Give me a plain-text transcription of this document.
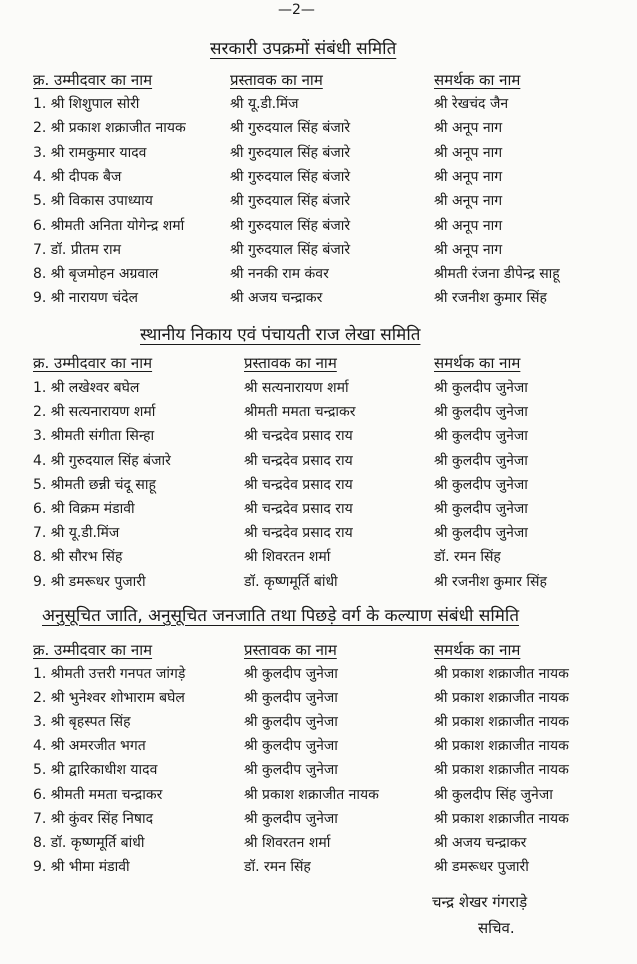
—2—
सरकारी उपक्रमों संबंधी समिति
क्र. उम्मीदवार का नाम	प्रस्तावक का नाम	समर्थक का नाम
1. श्री शिशुपाल सोरी	श्री यू.डी.मिंज	श्री रेखचंद जैन
2. श्री प्रकाश शक्राजीत नायक	श्री गुरुदयाल सिंह बंजारे	श्री अनूप नाग
3. श्री रामकुमार यादव	श्री गुरुदयाल सिंह बंजारे	श्री अनूप नाग
4. श्री दीपक बैज	श्री गुरुदयाल सिंह बंजारे	श्री अनूप नाग
5. श्री विकास उपाध्याय	श्री गुरुदयाल सिंह बंजारे	श्री अनूप नाग
6. श्रीमती अनिता योगेन्द्र शर्मा	श्री गुरुदयाल सिंह बंजारे	श्री अनूप नाग
7. डॉ. प्रीतम राम	श्री गुरुदयाल सिंह बंजारे	श्री अनूप नाग
8. श्री बृजमोहन अग्रवाल	श्री ननकी राम कंवर	श्रीमती रंजना डीपेन्द्र साहू
9. श्री नारायण चंदेल	श्री अजय चन्द्राकर	श्री रजनीश कुमार सिंह
स्थानीय निकाय एवं पंचायती राज लेखा समिति
क्र. उम्मीदवार का नाम	प्रस्तावक का नाम	समर्थक का नाम
1. श्री लखेश्वर बघेल	श्री सत्यनारायण शर्मा	श्री कुलदीप जुनेजा
2. श्री सत्यनारायण शर्मा	श्रीमती ममता चन्द्राकर	श्री कुलदीप जुनेजा
3. श्रीमती संगीता सिन्हा	श्री चन्द्रदेव प्रसाद राय	श्री कुलदीप जुनेजा
4. श्री गुरुदयाल सिंह बंजारे	श्री चन्द्रदेव प्रसाद राय	श्री कुलदीप जुनेजा
5. श्रीमती छन्नी चंदू साहू	श्री चन्द्रदेव प्रसाद राय	श्री कुलदीप जुनेजा
6. श्री विक्रम मंडावी	श्री चन्द्रदेव प्रसाद राय	श्री कुलदीप जुनेजा
7. श्री यू.डी.मिंज	श्री चन्द्रदेव प्रसाद राय	श्री कुलदीप जुनेजा
8. श्री सौरभ सिंह	श्री शिवरतन शर्मा	डॉ. रमन सिंह
9. श्री डमरूधर पुजारी	डॉ. कृष्णमूर्ति बांधी	श्री रजनीश कुमार सिंह
अनुसूचित जाति, अनुसूचित जनजाति तथा पिछड़े वर्ग के कल्याण संबंधी समिति
क्र. उम्मीदवार का नाम	प्रस्तावक का नाम	समर्थक का नाम
1. श्रीमती उत्तरी गनपत जांगड़े	श्री कुलदीप जुनेजा	श्री प्रकाश शक्राजीत नायक
2. श्री भुनेश्वर शोभाराम बघेल	श्री कुलदीप जुनेजा	श्री प्रकाश शक्राजीत नायक
3. श्री बृहस्पत सिंह	श्री कुलदीप जुनेजा	श्री प्रकाश शक्राजीत नायक
4. श्री अमरजीत भगत	श्री कुलदीप जुनेजा	श्री प्रकाश शक्राजीत नायक
5. श्री द्वारिकाधीश यादव	श्री कुलदीप जुनेजा	श्री प्रकाश शक्राजीत नायक
6. श्रीमती ममता चन्द्राकर	श्री प्रकाश शक्राजीत नायक	श्री कुलदीप सिंह जुनेजा
7. श्री कुंवर सिंह निषाद	श्री कुलदीप जुनेजा	श्री प्रकाश शक्राजीत नायक
8. डॉ. कृष्णमूर्ति बांधी	श्री शिवरतन शर्मा	श्री अजय चन्द्राकर
9. श्री भीमा मंडावी	डॉ. रमन सिंह	श्री डमरूधर पुजारी
चन्द्र शेखर गंगराड़े
सचिव.
